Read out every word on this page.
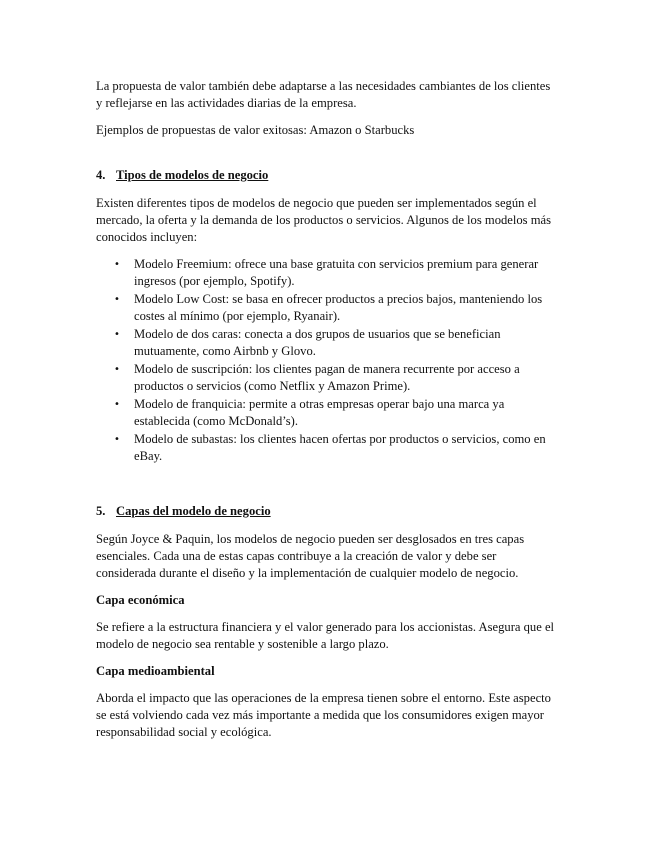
La propuesta de valor también debe adaptarse a las necesidades cambiantes de los clientes y reflejarse en las actividades diarias de la empresa.

Ejemplos de propuestas de valor exitosas: Amazon o Starbucks

4. Tipos de modelos de negocio

Existen diferentes tipos de modelos de negocio que pueden ser implementados según el mercado, la oferta y la demanda de los productos o servicios. Algunos de los modelos más conocidos incluyen:

•	Modelo Freemium: ofrece una base gratuita con servicios premium para generar ingresos (por ejemplo, Spotify).
•	Modelo Low Cost: se basa en ofrecer productos a precios bajos, manteniendo los costes al mínimo (por ejemplo, Ryanair).
•	Modelo de dos caras: conecta a dos grupos de usuarios que se benefician mutuamente, como Airbnb y Glovo.
•	Modelo de suscripción: los clientes pagan de manera recurrente por acceso a productos o servicios (como Netflix y Amazon Prime).
•	Modelo de franquicia: permite a otras empresas operar bajo una marca ya establecida (como McDonald’s).
•	Modelo de subastas: los clientes hacen ofertas por productos o servicios, como en eBay.
5. Capas del modelo de negocio

Según Joyce & Paquin, los modelos de negocio pueden ser desglosados en tres capas esenciales. Cada una de estas capas contribuye a la creación de valor y debe ser considerada durante el diseño y la implementación de cualquier modelo de negocio.

Capa económica

Se refiere a la estructura financiera y el valor generado para los accionistas. Asegura que el modelo de negocio sea rentable y sostenible a largo plazo.

Capa medioambiental

Aborda el impacto que las operaciones de la empresa tienen sobre el entorno. Este aspecto se está volviendo cada vez más importante a medida que los consumidores exigen mayor responsabilidad social y ecológica.
